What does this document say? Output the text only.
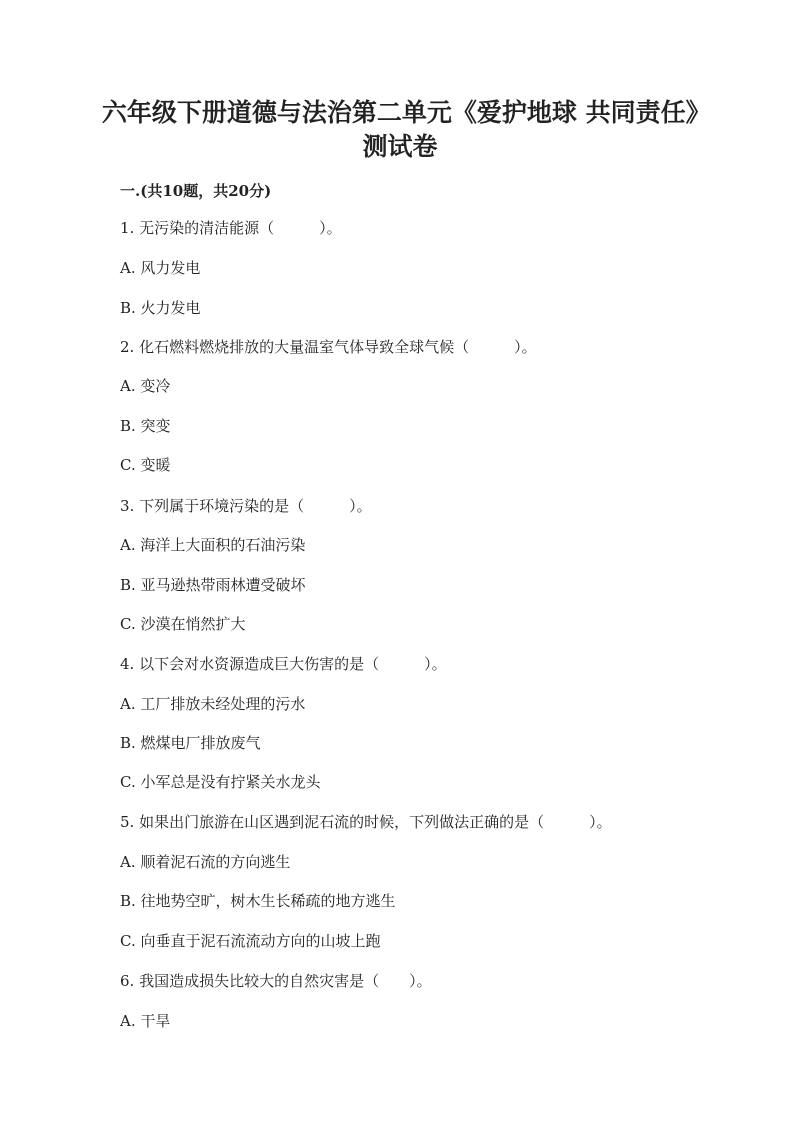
六年级下册道德与法治第二单元《爱护地球 共同责任》测试卷
一.(共10题，共20分)
1. 无污染的清洁能源（　　　）。
A. 风力发电
B. 火力发电
2. 化石燃料燃烧排放的大量温室气体导致全球气候（　　　）。
A. 变冷
B. 突变
C. 变暖
3. 下列属于环境污染的是（　　　）。
A. 海洋上大面积的石油污染
B. 亚马逊热带雨林遭受破坏
C. 沙漠在悄然扩大
4. 以下会对水资源造成巨大伤害的是（　　　）。
A. 工厂排放未经处理的污水
B. 燃煤电厂排放废气
C. 小军总是没有拧紧关水龙头
5. 如果出门旅游在山区遇到泥石流的时候，下列做法正确的是（　　　）。
A. 顺着泥石流的方向逃生
B. 往地势空旷，树木生长稀疏的地方逃生
C. 向垂直于泥石流流动方向的山坡上跑
6. 我国造成损失比较大的自然灾害是（　　）。
A. 干旱
